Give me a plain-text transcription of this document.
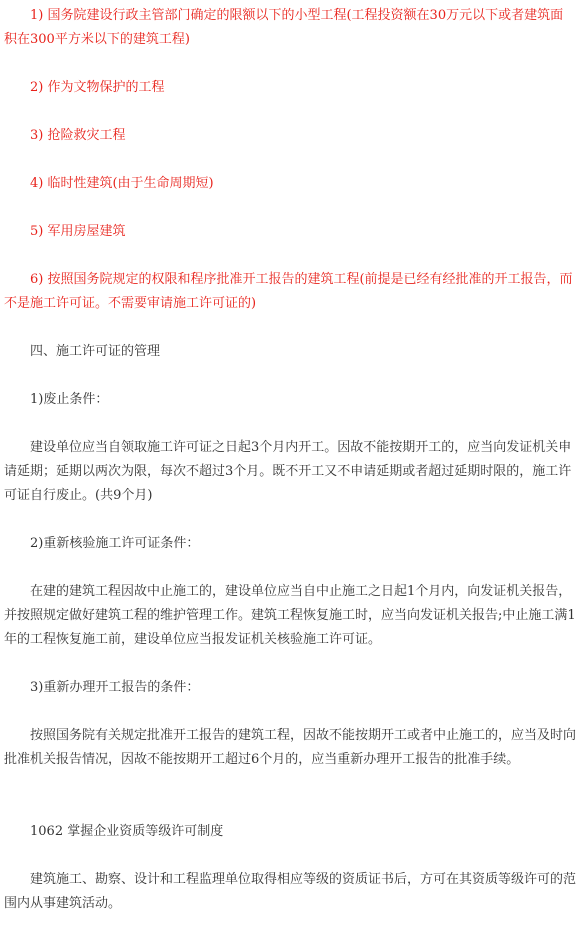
1) 国务院建设行政主管部门确定的限额以下的小型工程(工程投资额在30万元以下或者建筑面积在300平方米以下的建筑工程)

2) 作为文物保护的工程

3) 抢险救灾工程

4) 临时性建筑(由于生命周期短)

5) 军用房屋建筑

6) 按照国务院规定的权限和程序批准开工报告的建筑工程(前提是已经有经批准的开工报告，而不是施工许可证。不需要审请施工许可证的)

四、施工许可证的管理

1)废止条件：

建设单位应当自领取施工许可证之日起3个月内开工。因故不能按期开工的，应当向发证机关申请延期；延期以两次为限，每次不超过3个月。既不开工又不申请延期或者超过延期时限的，施工许可证自行废止。(共9个月)

2)重新核验施工许可证条件：

在建的建筑工程因故中止施工的，建设单位应当自中止施工之日起1个月内，向发证机关报告，并按照规定做好建筑工程的维护管理工作。建筑工程恢复施工时，应当向发证机关报告;中止施工满1年的工程恢复施工前，建设单位应当报发证机关核验施工许可证。

3)重新办理开工报告的条件：

按照国务院有关规定批准开工报告的建筑工程，因故不能按期开工或者中止施工的，应当及时向批准机关报告情况，因故不能按期开工超过6个月的，应当重新办理开工报告的批准手续。

1062 掌握企业资质等级许可制度

建筑施工、勘察、设计和工程监理单位取得相应等级的资质证书后，方可在其资质等级许可的范围内从事建筑活动。
